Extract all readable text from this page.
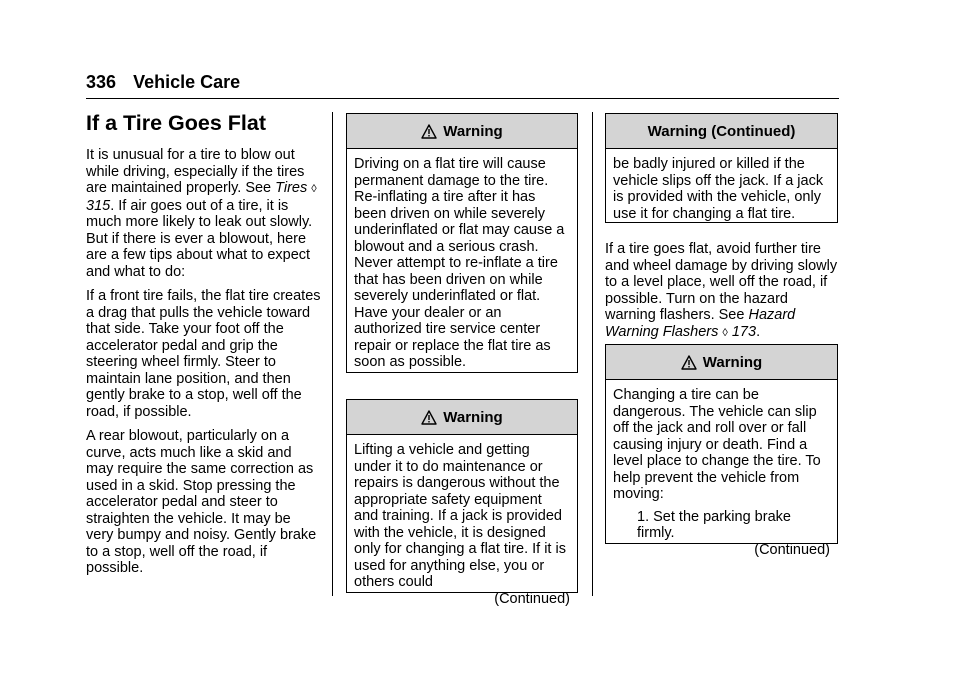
336 Vehicle Care
If a Tire Goes Flat

It is unusual for a tire to blow out while driving, especially if the tires are maintained properly. See Tires ◊ 315. If air goes out of a tire, it is much more likely to leak out slowly. But if there is ever a blowout, here are a few tips about what to expect and what to do:

If a front tire fails, the flat tire creates a drag that pulls the vehicle toward that side. Take your foot off the accelerator pedal and grip the steering wheel firmly. Steer to maintain lane position, and then gently brake to a stop, well off the road, if possible.

A rear blowout, particularly on a curve, acts much like a skid and may require the same correction as used in a skid. Stop pressing the accelerator pedal and steer to straighten the vehicle. It may be very bumpy and noisy. Gently brake to a stop, well off the road, if possible.

Warning

Driving on a flat tire will cause permanent damage to the tire. Re-inflating a tire after it has been driven on while severely underinflated or flat may cause a blowout and a serious crash. Never attempt to re-inflate a tire that has been driven on while severely underinflated or flat. Have your dealer or an authorized tire service center repair or replace the flat tire as soon as possible.

Warning

Lifting a vehicle and getting under it to do maintenance or repairs is dangerous without the appropriate safety equipment and training. If a jack is provided with the vehicle, it is designed only for changing a flat tire. If it is used for anything else, you or others could

(Continued)

Warning (Continued)

be badly injured or killed if the vehicle slips off the jack. If a jack is provided with the vehicle, only use it for changing a flat tire.

If a tire goes flat, avoid further tire and wheel damage by driving slowly to a level place, well off the road, if possible. Turn on the hazard warning flashers. See Hazard Warning Flashers ◊ 173.

Warning

Changing a tire can be dangerous. The vehicle can slip off the jack and roll over or fall causing injury or death. Find a level place to change the tire. To help prevent the vehicle from moving:

1. Set the parking brake firmly.

(Continued)
